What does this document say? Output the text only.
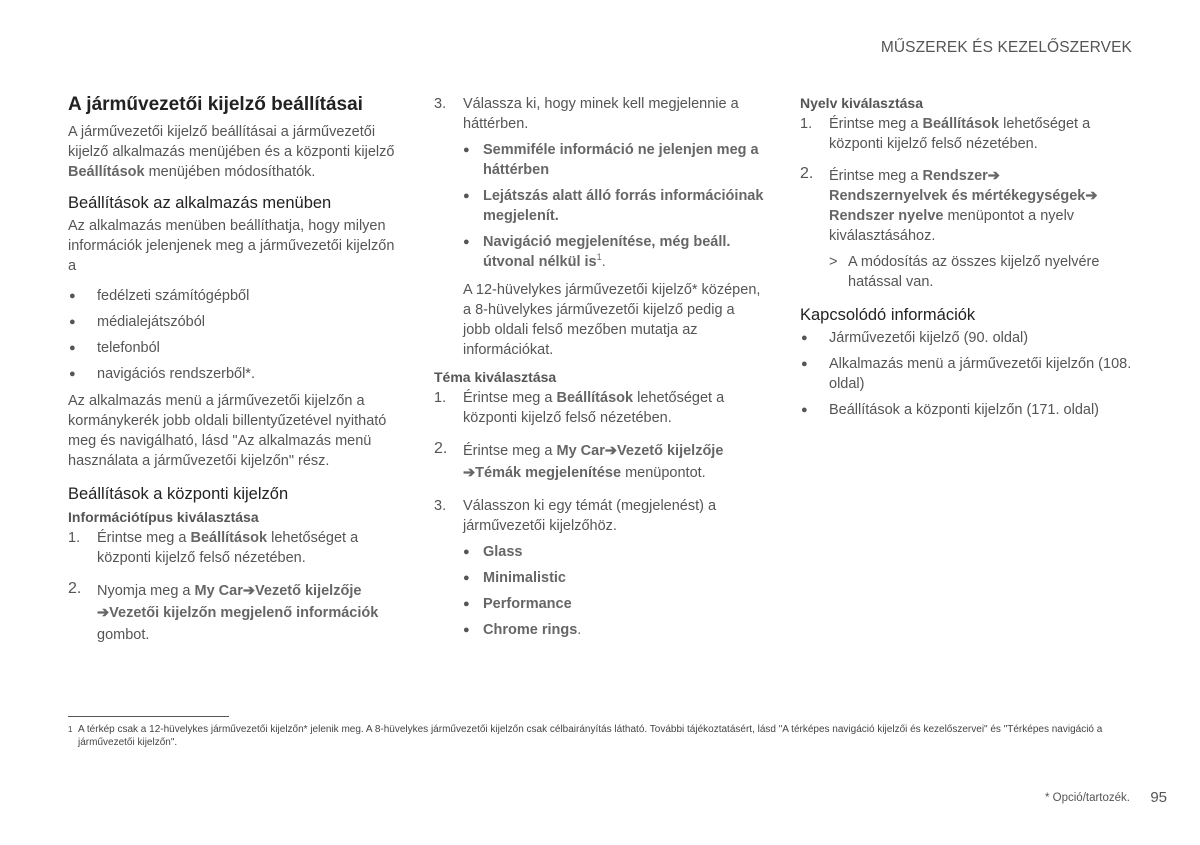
MŰSZEREK ÉS KEZELŐSZERVEK
A járművezetői kijelző beállításai

A járművezetői kijelző beállításai a járművezetői kijelző alkalmazás menüjében és a központi kijelző Beállítások menüjében módosíthatók.

Beállítások az alkalmazás menüben

Az alkalmazás menüben beállíthatja, hogy milyen információk jelenjenek meg a járművezetői kijelzőn a

● fedélzeti számítógépből
● médialejátszóból
● telefonból
● navigációs rendszerből*.

Az alkalmazás menü a járművezetői kijelzőn a kormánykerék jobb oldali billentyűzetével nyitható meg és navigálható, lásd "Az alkalmazás menü használata a járművezetői kijelzőn" rész.

Beállítások a központi kijelzőn
Információtípus kiválasztása
1. Érintse meg a Beállítások lehetőséget a központi kijelző felső nézetében.
2. Nyomja meg a My Car➔Vezető kijelzője
➔Vezetői kijelzőn megjelenő információk gombot.
3. Válassza ki, hogy minek kell megjelennie a háttérben.
● Semmiféle információ ne jelenjen meg a háttérben
● Lejátszás alatt álló forrás információinak megjelenít.
● Navigáció megjelenítése, még beáll. útvonal nélkül $is^1$.

A 12-hüvelykes járművezetői kijelző* középen, a 8-hüvelykes járművezetői kijelző pedig a jobb oldali felső mezőben mutatja az információkat.

Téma kiválasztása
1. Érintse meg a Beállítások lehetőséget a központi kijelző felső nézetében.
2. Érintse meg a My Car➔Vezető kijelzője
➔Témák megjelenítése menüpontot.
3. Válasszon ki egy témát (megjelenést) a járművezetői kijelzőhöz.
● Glass
● Minimalistic
● Performance
● Chrome rings.
Nyelv kiválasztása
1. Érintse meg a Beállítások lehetőséget a központi kijelző felső nézetében.
2. Érintse meg a Rendszer➔
Rendszernyelvek és mértékegységek➔ Rendszer nyelve menüpontot a nyelv kiválasztásához.
> A módosítás az összes kijelző nyelvére hatással van.
Kapcsolódó információk
● Járművezetői kijelző (90. oldal)
● Alkalmazás menü a járművezetői kijelzőn (108. oldal)
● Beállítások a központi kijelzőn (171. oldal)
1 A térkép csak a 12-hüvelykes járművezetői kijelzőn* jelenik meg. A 8-hüvelykes járművezetői kijelzőn csak célbairányítás látható. További tájékoztatásért, lásd "A térképes navigáció kijelzői és kezelőszervei" és "Térképes navigáció a járművezetői kijelzőn".
* Opció/tartozék. 95
